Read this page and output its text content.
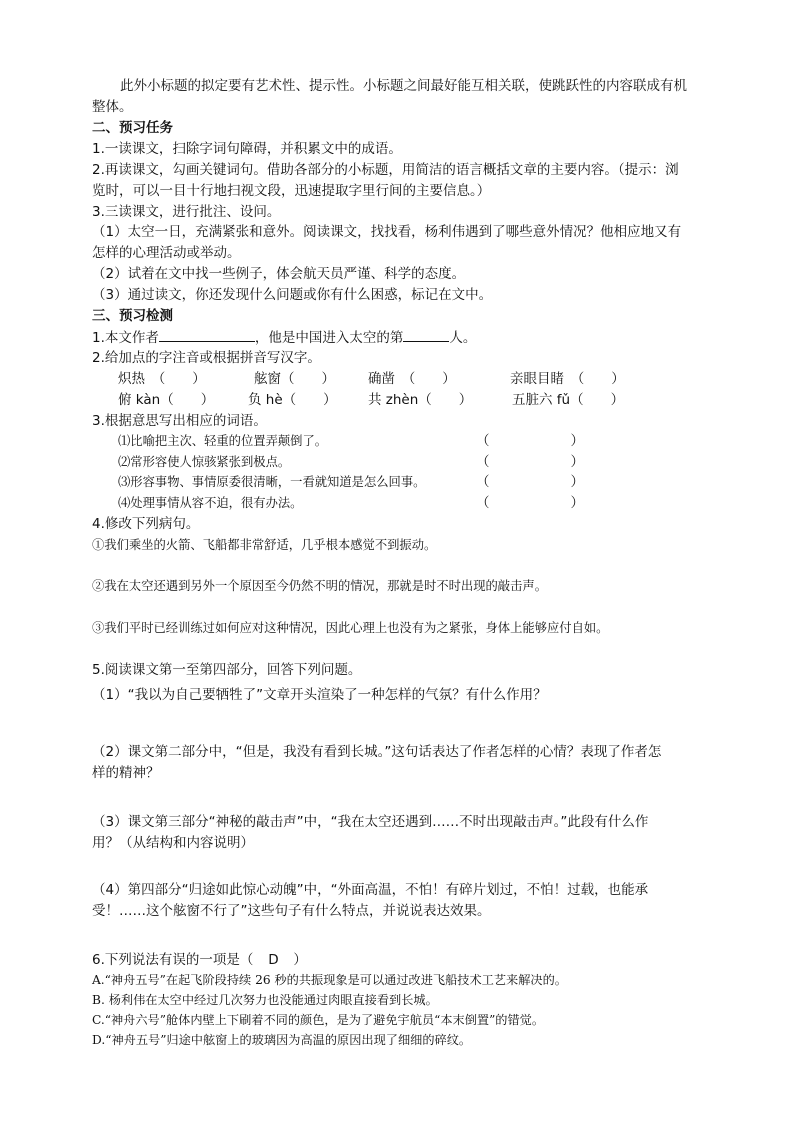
此外小标题的拟定要有艺术性、提示性。小标题之间最好能互相关联，使跳跃性的内容联成有机
整体。
二、预习任务
1.一读课文，扫除字词句障碍，并积累文中的成语。
2.再读课文，勾画关键词句。借助各部分的小标题，用简洁的语言概括文章的主要内容。（提示：浏
览时，可以一目十行地扫视文段，迅速提取字里行间的主要信息。）
3.三读课文，进行批注、设问。
（1）太空一日，充满紧张和意外。阅读课文，找找看，杨利伟遇到了哪些意外情况？他相应地又有
怎样的心理活动或举动。
（2）试着在文中找一些例子，体会航天员严谨、科学的态度。
（3）通过读文，你还发现什么问题或你有什么困惑，标记在文中。
三、预习检测
1.本文作者	，他是中国进入太空的第	人。
2.给加点的字注音或根据拼音写汉字。
炽热　（　　）	舷窗（　　） 确凿　（　　）	亲眼目睹　（　　）
俯 kàn（　　）	负 hè（　　） 共 zhèn（　　）	五脏六 fǔ（　　）
3.根据意思写出相应的词语。
⑴比喻把主次、轻重的位置弄颠倒了。	（　　　　　　）
⑵常形容使人惊骇紧张到极点。	（　　　　　　）
⑶形容事物、事情原委很清晰，一看就知道是怎么回事。	（　　　　　　）
⑷处理事情从容不迫，很有办法。	（　　　　　　）
4.修改下列病句。
①我们乘坐的火箭、飞船都非常舒适，几乎根本感觉不到振动。
②我在太空还遇到另外一个原因至今仍然不明的情况，那就是时不时出现的敲击声。
③我们平时已经训练过如何应对这种情况，因此心理上也没有为之紧张，身体上能够应付自如。
5.阅读课文第一至第四部分，回答下列问题。
（1）“我以为自己要牺牲了”文章开头渲染了一种怎样的气氛？有什么作用？
（2）课文第二部分中，“但是，我没有看到长城。”这句话表达了作者怎样的心情？表现了作者怎
样的精神？
（3）课文第三部分“神秘的敲击声”中，“我在太空还遇到……不时出现敲击声。”此段有什么作
用？（从结构和内容说明）
（4）第四部分“归途如此惊心动魄”中，“外面高温，不怕！有碎片划过，不怕！过载，也能承
受！……这个舷窗不行了”这些句子有什么特点，并说说表达效果。
6.下列说法有误的一项是（ D ）
A.“神舟五号”在起飞阶段持续 26 秒的共振现象是可以通过改进飞船技术工艺来解决的。
B. 杨利伟在太空中经过几次努力也没能通过肉眼直接看到长城。
C.“神舟六号”舱体内壁上下刷着不同的颜色，是为了避免宇航员“本末倒置”的错觉。
D.“神舟五号”归途中舷窗上的玻璃因为高温的原因出现了细细的碎纹。
